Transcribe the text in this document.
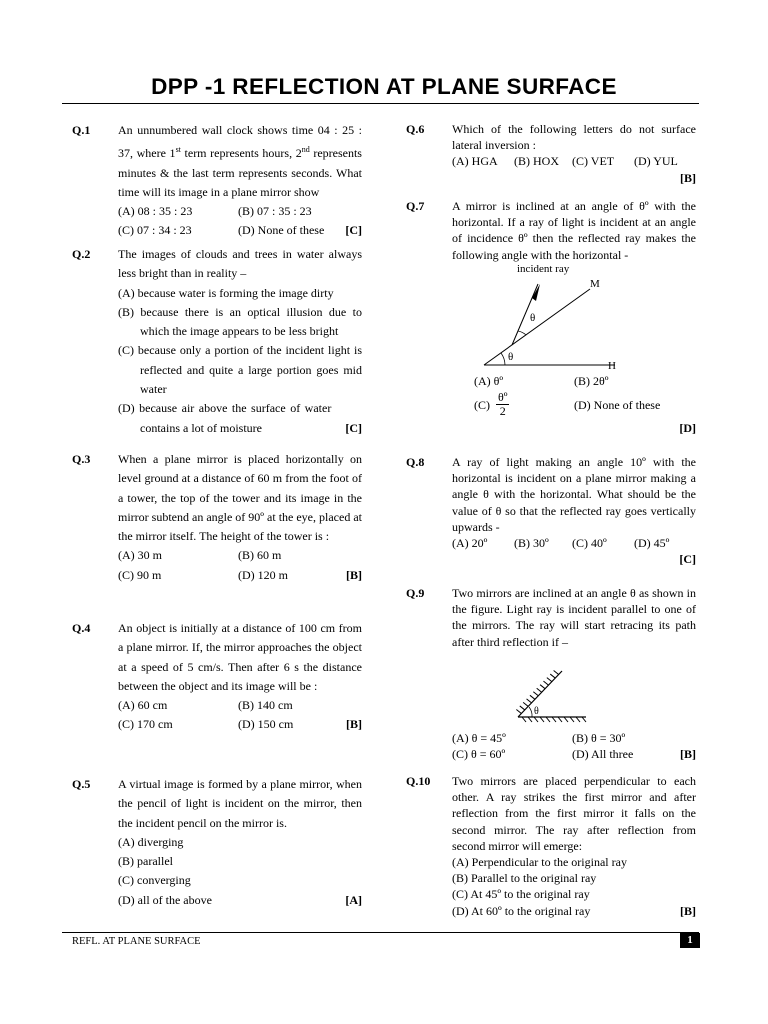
DPP -1 REFLECTION AT PLANE SURFACE
Q.1 An unnumbered wall clock shows time 04 : 25 : 37, where 1st term represents hours, 2nd represents minutes & the last term represents seconds. What time will its image in a plane mirror show

(A) 08 : 35 : 23	(B) 07 : 35 : 23
(C) 07 : 34 : 23	(D) None of these	[C]
Q.2 The images of clouds and trees in water always less bright than in reality –

(A) because water is forming the image dirty

(B) because there is an optical illusion due to which the image appears to be less bright

(C) because only a portion of the incident light is reflected and quite a large portion goes mid water

(D) because air above the surface of water contains a lot of moisture	[C]
Q.3 When a plane mirror is placed horizontally on level ground at a distance of 60 m from the foot of a tower, the top of the tower and its image in the mirror subtend an angle of 90º at the eye, placed at the mirror itself. The height of the tower is :

(A) 30 m	(B) 60 m
(C) 90 m	(D) 120 m	[B]
Q.4 An object is initially at a distance of 100 cm from a plane mirror. If, the mirror approaches the object at a speed of 5 cm/s. Then after 6 s the distance between the object and its image will be :

(A) 60 cm	(B) 140 cm
(C) 170 cm	(D) 150 cm	[B]
Q.5 A virtual image is formed by a plane mirror, when the pencil of light is incident on the mirror, then the incident pencil on the mirror is.

(A) diverging

(B) parallel

(C) converging

(D) all of the above	[A]
Q.6 Which of the following letters do not surface lateral inversion :

(A) HGA	(B) HOX	(C) VET	(D) YUL
[B]
Q.7 A mirror is inclined at an angle of θº with the horizontal. If a ray of light is incident at an angle of incidence θº then the reflected ray makes the following angle with the horizontal -

incident ray
M
H
θ
θ
(A) θº	(B) 2θº
(C)
θº
2	(D) None of these
[D]
Q.8 A ray of light making an angle 10º with the horizontal is incident on a plane mirror making a angle θ with the horizontal. What should be the value of θ so that the reflected ray goes vertically upwards -

(A) 20º	(B) 30º	(C) 40º	(D) 45º
[C]
Q.9 Two mirrors are inclined at an angle θ as shown in the figure. Light ray is incident parallel to one of the mirrors. The ray will start retracing its path after third reflection if –

θ
(A) θ = 45º	(B) θ = 30º
(C) θ = 60º	(D) All three	[B]
Q.10 Two mirrors are placed perpendicular to each other. A ray strikes the first mirror and after reflection from the first mirror it falls on the second mirror. The ray after reflection from second mirror will emerge:

(A) Perpendicular to the original ray

(B) Parallel to the original ray

(C) At 45º to the original ray

(D) At 60º to the original ray	[B]
REFL. AT PLANE SURFACE	1
